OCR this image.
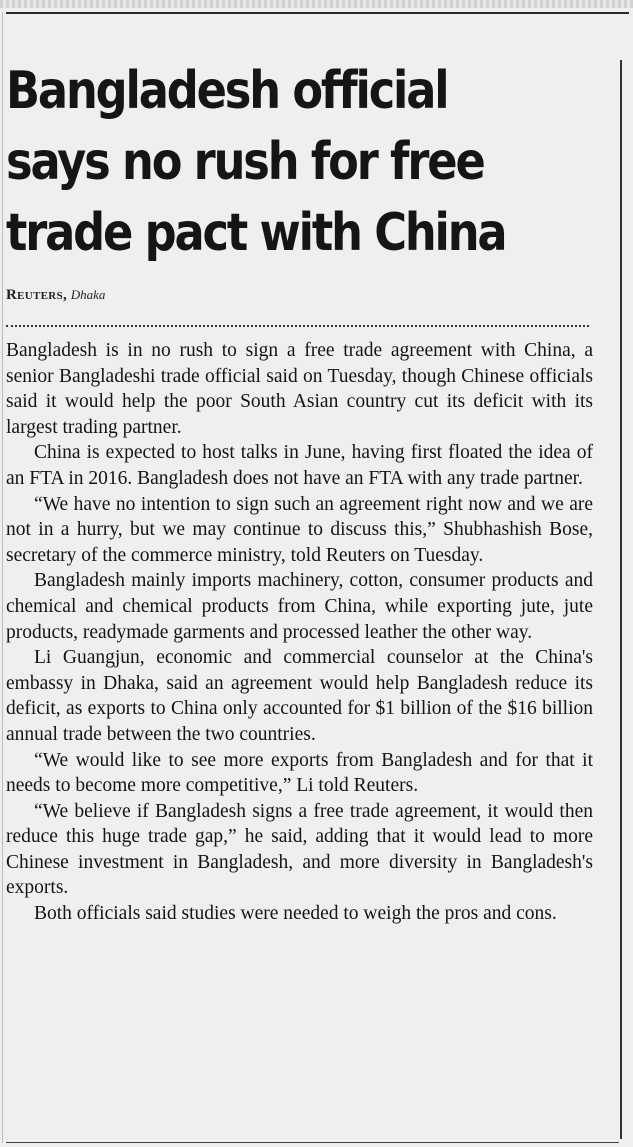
Bangladesh official says no rush for free trade pact with China
Reuters, Dhaka

Bangladesh is in no rush to sign a free trade agreement with China, a senior Bangladeshi trade official said on Tuesday, though Chinese officials said it would help the poor South Asian country cut its deficit with its largest trading partner.

China is expected to host talks in June, having first floated the idea of an FTA in 2016. Bangladesh does not have an FTA with any trade partner.

“We have no intention to sign such an agreement right now and we are not in a hurry, but we may continue to discuss this,” Shubhashish Bose, secretary of the commerce ministry, told Reuters on Tuesday.

Bangladesh mainly imports machinery, cotton, consumer products and chemical and chemical products from China, while exporting jute, jute products, readymade garments and processed leather the other way.

Li Guangjun, economic and commercial counselor at the China's embassy in Dhaka, said an agreement would help Bangladesh reduce its deficit, as exports to China only accounted for $1 billion of the $16 billion annual trade between the two countries.

“We would like to see more exports from Bangladesh and for that it needs to become more competitive,” Li told Reuters.

“We believe if Bangladesh signs a free trade agreement, it would then reduce this huge trade gap,” he said, adding that it would lead to more Chinese investment in Bangladesh, and more diversity in Bangladesh's exports.

Both officials said studies were needed to weigh the pros and cons.
